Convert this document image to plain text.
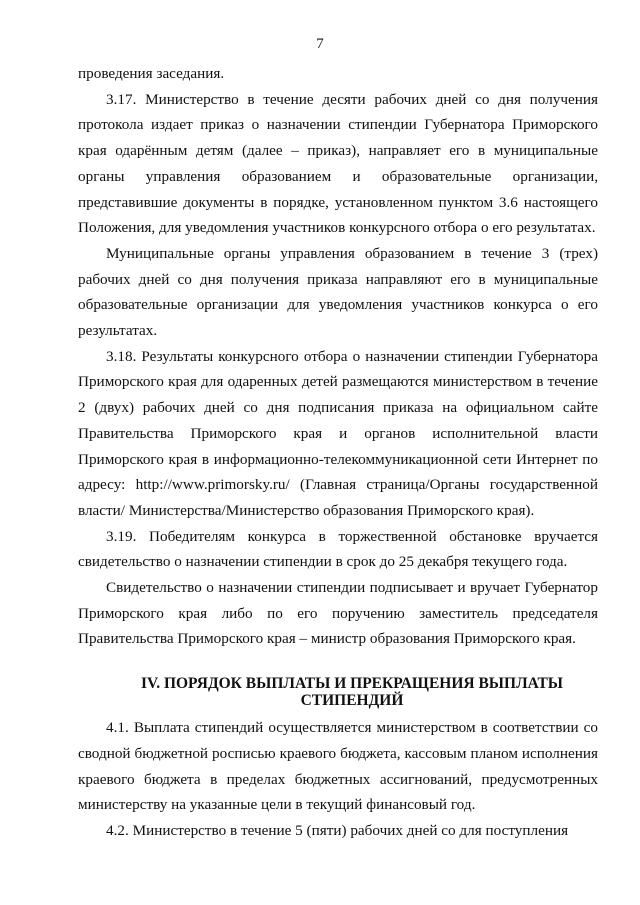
7

проведения заседания.

3.17. Министерство в течение десяти рабочих дней со дня получения протокола издает приказ о назначении стипендии Губернатора Приморского края одарённым детям (далее – приказ), направляет его в муниципальные органы управления образованием и образовательные организации, представившие документы в порядке, установленном пунктом 3.6 настоящего Положения, для уведомления участников конкурсного отбора о его результатах.

Муниципальные органы управления образованием в течение 3 (трех) рабочих дней со дня получения приказа направляют его в муниципальные образовательные организации для уведомления участников конкурса о его результатах.

3.18. Результаты конкурсного отбора о назначении стипендии Губернатора Приморского края для одаренных детей размещаются министерством в течение 2 (двух) рабочих дней со дня подписания приказа на официальном сайте Правительства Приморского края и органов исполнительной власти Приморского края в информационно-телекоммуникационной сети Интернет по адресу: http://www.primorsky.ru/ (Главная страница/Органы государственной власти/ Министерства/Министерство образования Приморского края).

3.19. Победителям конкурса в торжественной обстановке вручается свидетельство о назначении стипендии в срок до 25 декабря текущего года.

Свидетельство о назначении стипендии подписывает и вручает Губернатор Приморского края либо по его поручению заместитель председателя Правительства Приморского края – министр образования Приморского края.

IV. ПОРЯДОК ВЫПЛАТЫ И ПРЕКРАЩЕНИЯ ВЫПЛАТЫ
СТИПЕНДИЙ

4.1. Выплата стипендий осуществляется министерством в соответствии со сводной бюджетной росписью краевого бюджета, кассовым планом исполнения краевого бюджета в пределах бюджетных ассигнований, предусмотренных министерству на указанные цели в текущий финансовый год.

4.2. Министерство в течение 5 (пяти) рабочих дней со для поступления
